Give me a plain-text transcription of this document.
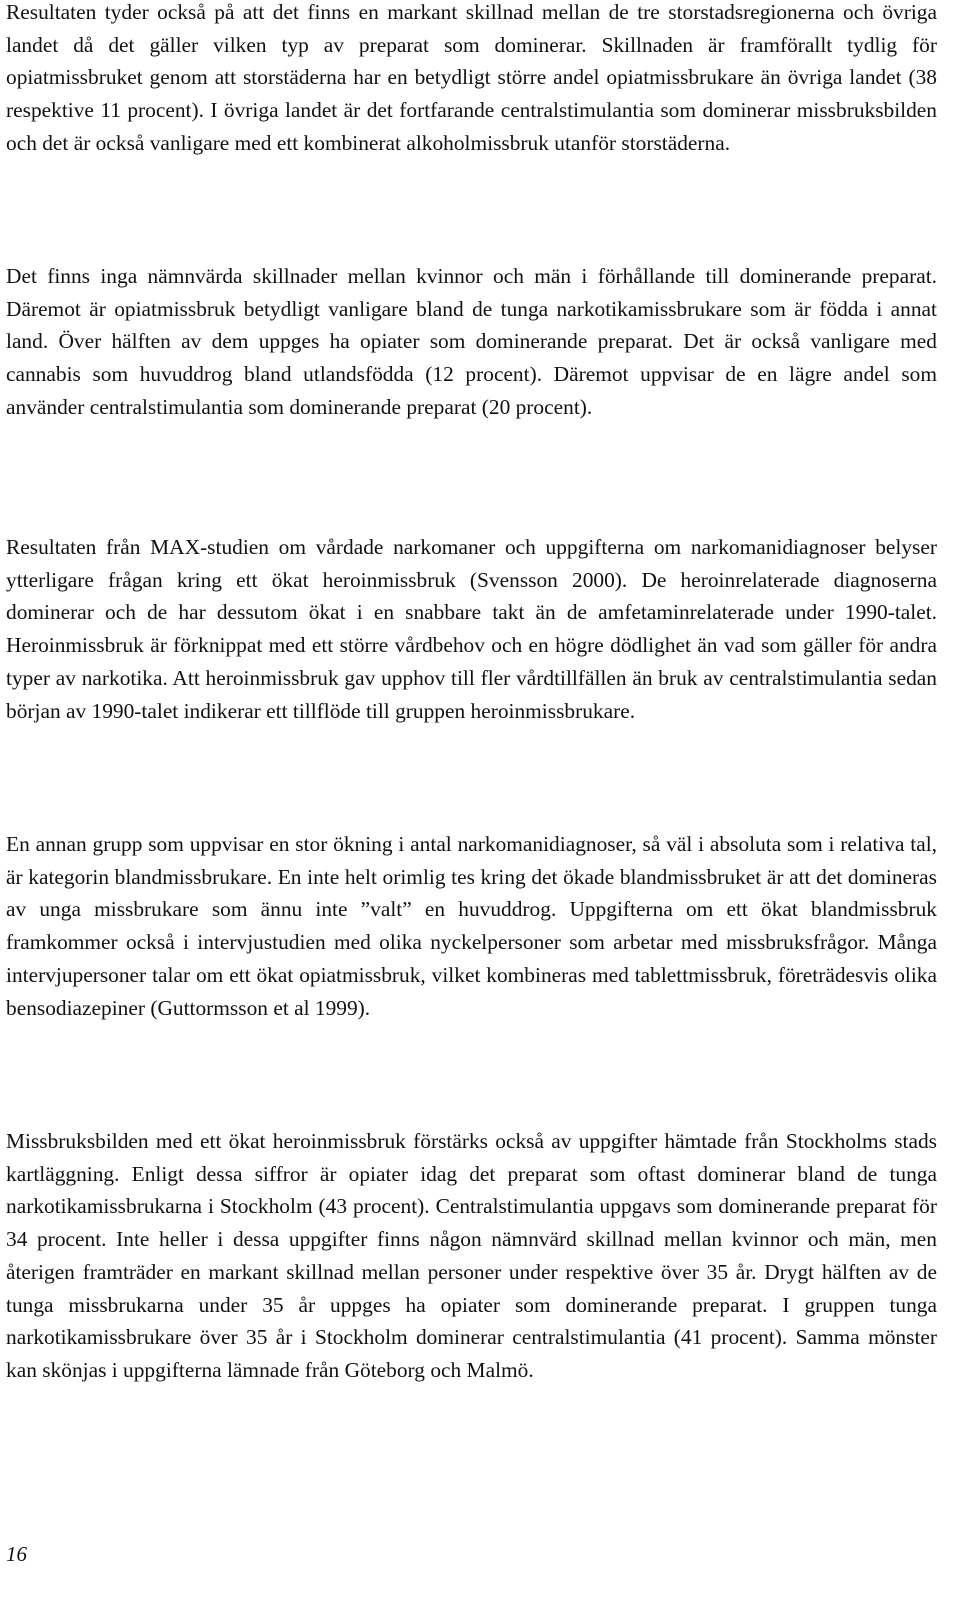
Resultaten tyder också på att det finns en markant skillnad mellan de tre storstadsregionerna och övriga landet då det gäller vilken typ av preparat som dominerar. Skillnaden är framförallt tydlig för opiatmissbruket genom att storstäderna har en betydligt större andel opiatmissbrukare än övriga landet (38 respektive 11 procent). I övriga landet är det fortfarande centralstimulantia som dominerar missbruksbilden och det är också vanligare med ett kombinerat alkoholmissbruk utanför storstäderna.

Det finns inga nämnvärda skillnader mellan kvinnor och män i förhållande till dominerande preparat. Däremot är opiatmissbruk betydligt vanligare bland de tunga narkotikamissbrukare som är födda i annat land. Över hälften av dem uppges ha opiater som dominerande preparat. Det är också vanligare med cannabis som huvuddrog bland utlandsfödda (12 procent). Däremot uppvisar de en lägre andel som använder centralstimulantia som dominerande preparat (20 procent).

Resultaten från MAX-studien om vårdade narkomaner och uppgifterna om narkomanidiagnoser belyser ytterligare frågan kring ett ökat heroinmissbruk (Svensson 2000). De heroinrelaterade diagnoserna dominerar och de har dessutom ökat i en snabbare takt än de amfetaminrelaterade under 1990-talet. Heroinmissbruk är förknippat med ett större vårdbehov och en högre dödlighet än vad som gäller för andra typer av narkotika. Att heroinmissbruk gav upphov till fler vårdtillfällen än bruk av centralstimulantia sedan början av 1990-talet indikerar ett tillflöde till gruppen heroinmissbrukare.

En annan grupp som uppvisar en stor ökning i antal narkomanidiagnoser, så väl i absoluta som i relativa tal, är kategorin blandmissbrukare. En inte helt orimlig tes kring det ökade blandmissbruket är att det domineras av unga missbrukare som ännu inte ”valt” en huvuddrog. Uppgifterna om ett ökat blandmissbruk framkommer också i intervjustudien med olika nyckelpersoner som arbetar med missbruksfrågor. Många intervjupersoner talar om ett ökat opiatmissbruk, vilket kombineras med tablettmissbruk, företrädesvis olika bensodiazepiner (Guttormsson et al 1999).

Missbruksbilden med ett ökat heroinmissbruk förstärks också av uppgifter hämtade från Stockholms stads kartläggning. Enligt dessa siffror är opiater idag det preparat som oftast dominerar bland de tunga narkotikamissbrukarna i Stockholm (43 procent). Centralstimulantia uppgavs som dominerande preparat för 34 procent. Inte heller i dessa uppgifter finns någon nämnvärd skillnad mellan kvinnor och män, men återigen framträder en markant skillnad mellan personer under respektive över 35 år. Drygt hälften av de tunga missbrukarna under 35 år uppges ha opiater som dominerande preparat. I gruppen tunga narkotikamissbrukare över 35 år i Stockholm dominerar centralstimulantia (41 procent). Samma mönster kan skönjas i uppgifterna lämnade från Göteborg och Malmö.

16
